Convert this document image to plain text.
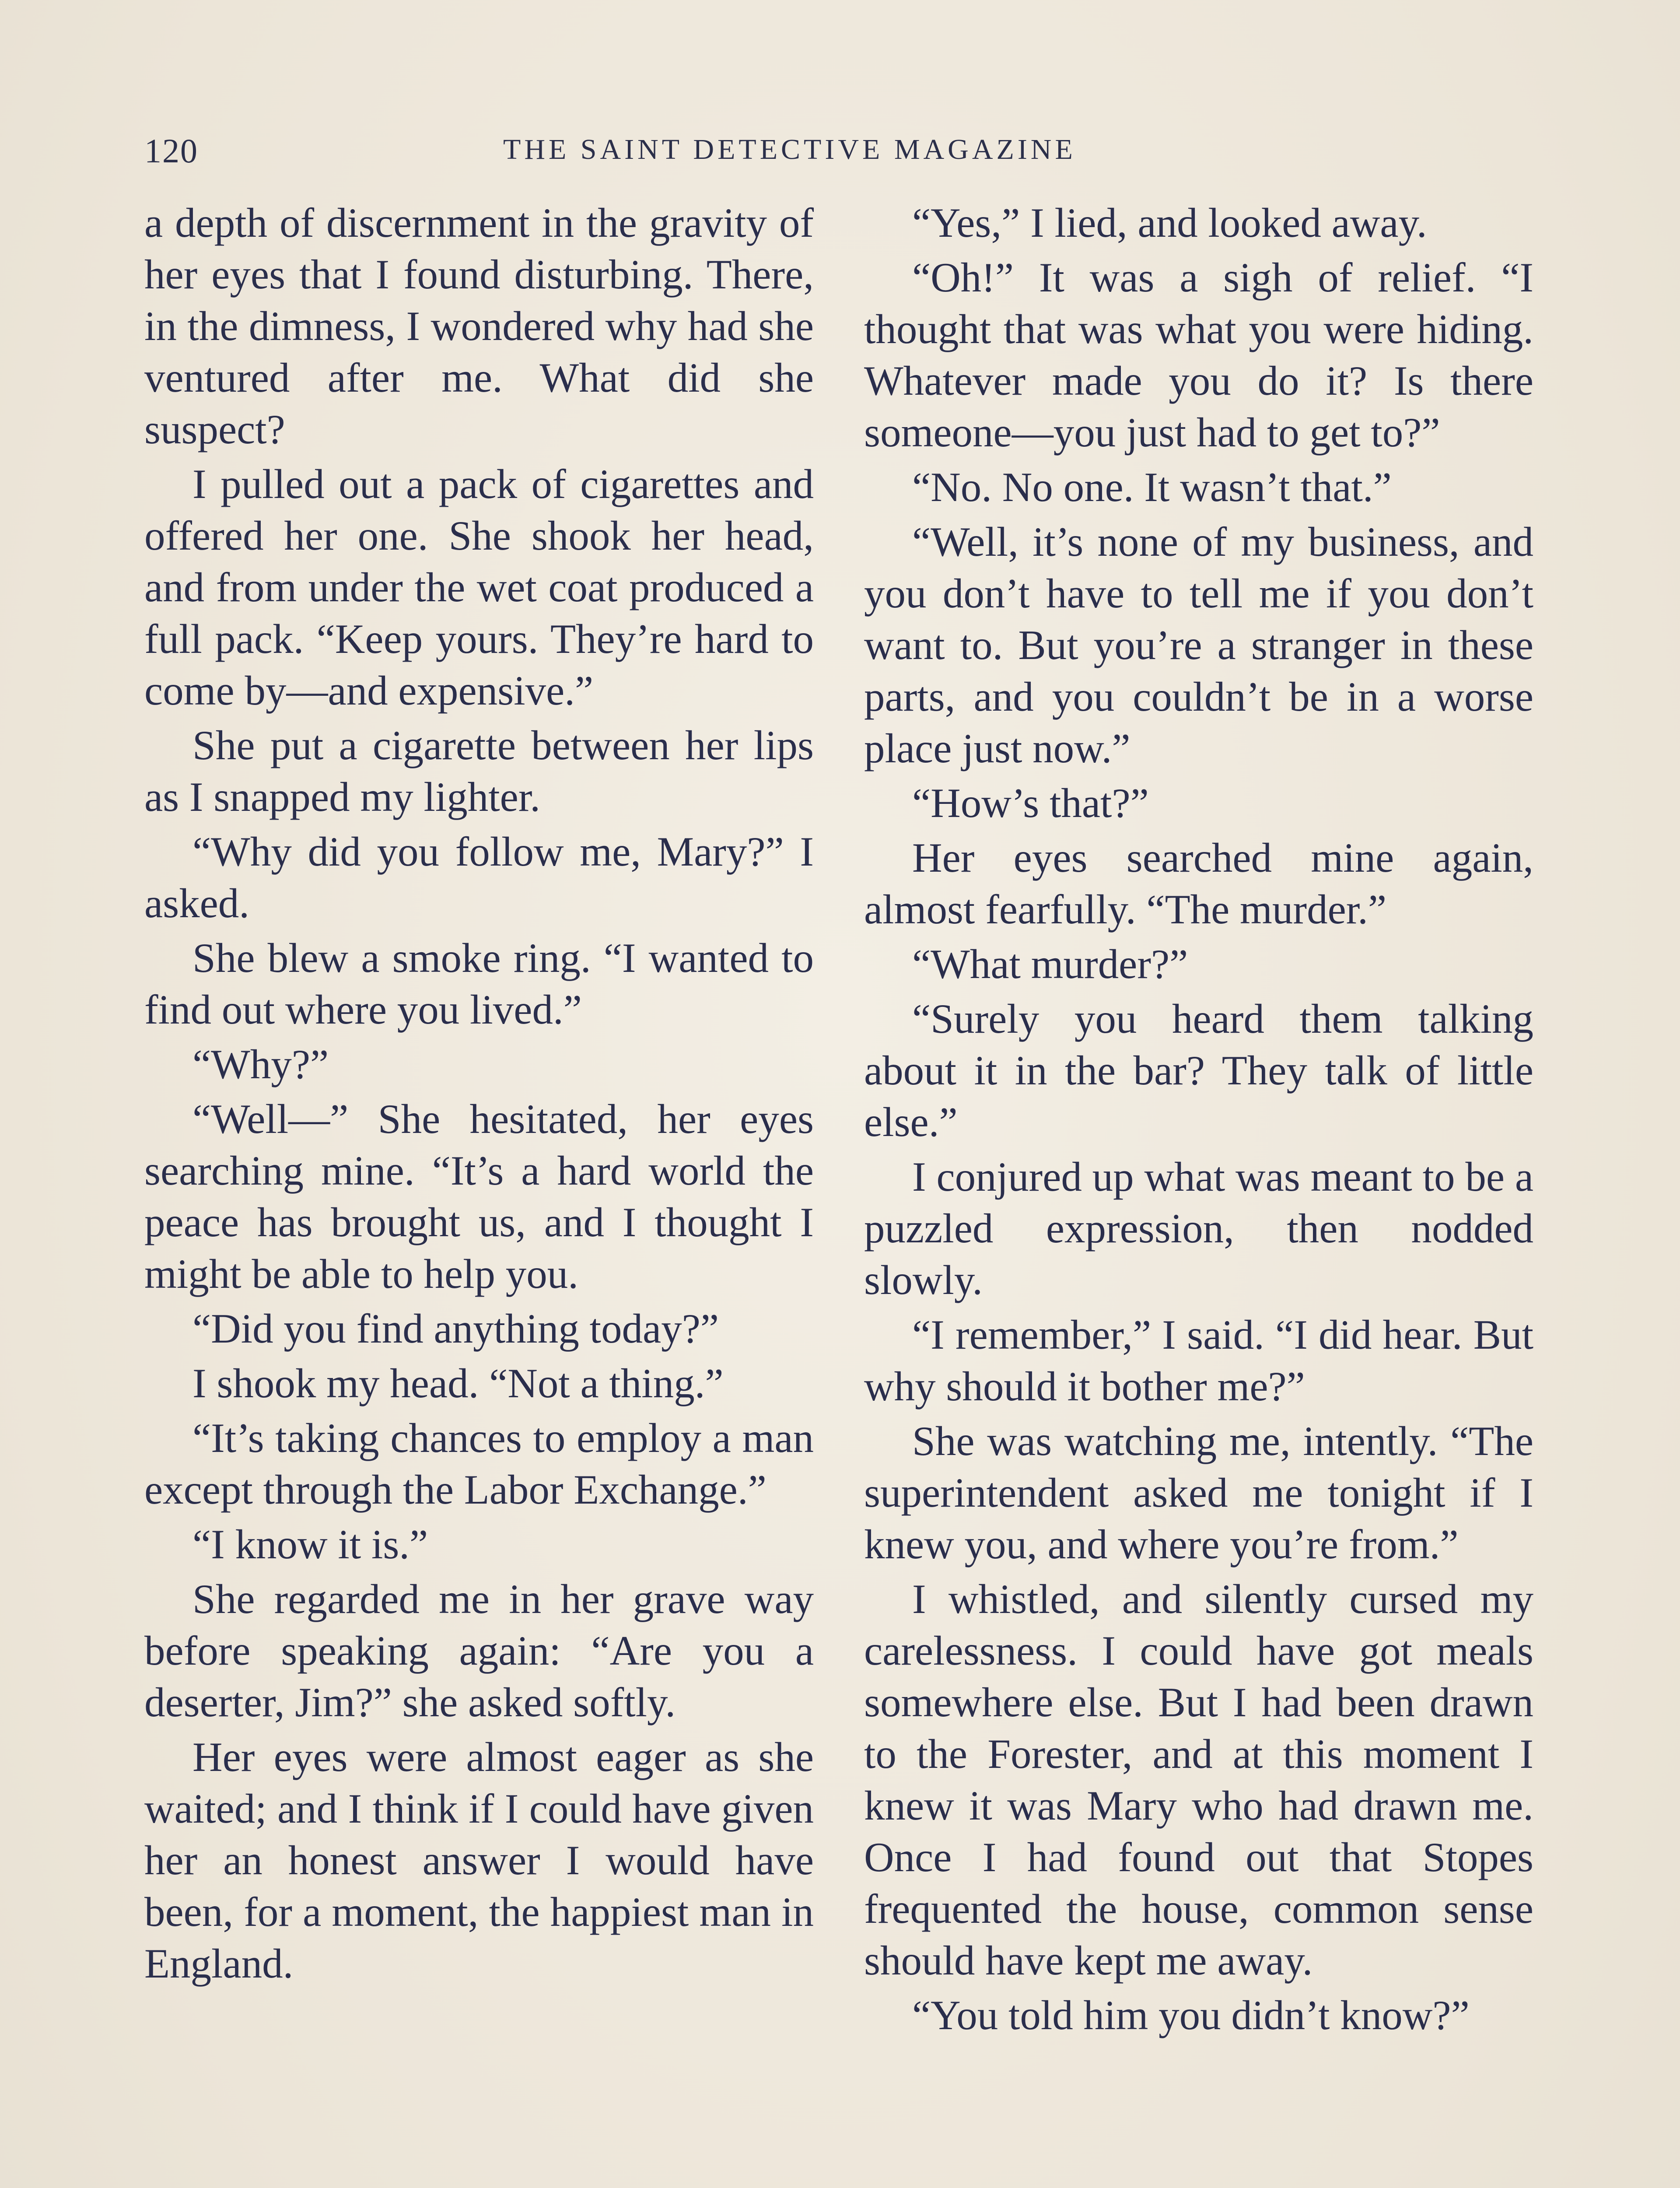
120	THE SAINT DETECTIVE MAGAZINE

a depth of discernment in the gravity of her eyes that I found disturbing. There, in the dimness, I wondered why had she ventured after me. What did she suspect?

I pulled out a pack of cigarettes and offered her one. She shook her head, and from under the wet coat produced a full pack. “Keep yours. They’re hard to come by—and expensive.”

She put a cigarette between her lips as I snapped my lighter.

“Why did you follow me, Mary?” I asked.

She blew a smoke ring. “I wanted to find out where you lived.”

“Why?”

“Well—” She hesitated, her eyes searching mine. “It’s a hard world the peace has brought us, and I thought I might be able to help you.

“Did you find anything today?”

I shook my head. “Not a thing.”

“It’s taking chances to employ a man except through the Labor Exchange.”

“I know it is.”

She regarded me in her grave way before speaking again: “Are you a deserter, Jim?” she asked softly.

Her eyes were almost eager as she waited; and I think if I could have given her an honest answer I would have been, for a moment, the happiest man in England.

“Yes,” I lied, and looked away.

“Oh!” It was a sigh of relief. “I thought that was what you were hiding. Whatever made you do it? Is there someone—you just had to get to?”

“No. No one. It wasn’t that.”

“Well, it’s none of my business, and you don’t have to tell me if you don’t want to. But you’re a stranger in these parts, and you couldn’t be in a worse place just now.”

“How’s that?”

Her eyes searched mine again, almost fearfully. “The murder.”

“What murder?”

“Surely you heard them talking about it in the bar? They talk of little else.”

I conjured up what was meant to be a puzzled expression, then nodded slowly.

“I remember,” I said. “I did hear. But why should it bother me?”

She was watching me, intently. “The superintendent asked me tonight if I knew you, and where you’re from.”

I whistled, and silently cursed my carelessness. I could have got meals somewhere else. But I had been drawn to the Forester, and at this moment I knew it was Mary who had drawn me. Once I had found out that Stopes frequented the house, common sense should have kept me away.

“You told him you didn’t know?”
